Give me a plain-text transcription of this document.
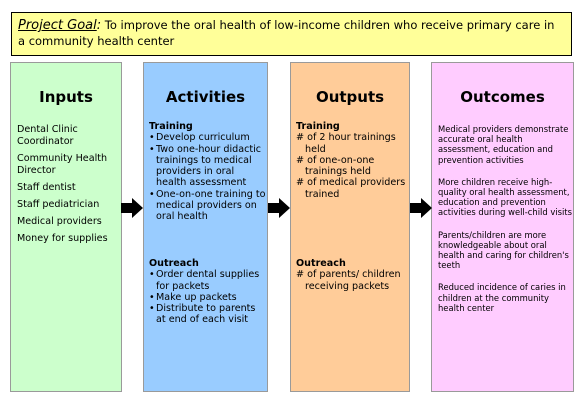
Project Goal: To improve the oral health of low-income children who receive primary care in a community health center
Inputs
Dental Clinic Coordinator
Community Health Director
Staff dentist
Staff pediatrician
Medical providers
Money for supplies
Activities
Training
• Develop curriculum
• Two one-hour didactic trainings to medical providers in oral health assessment
• One-on-one training to medical providers on oral health
Outreach
• Order dental supplies for packets
• Make up packets
• Distribute to parents at end of each visit
Outputs
Training
# of 2 hour trainings held
# of one-on-one trainings held
# of medical providers trained
Outreach
# of parents/ children receiving packets
Outcomes
Medical providers demonstrate accurate oral health assessment, education and prevention activities
More children receive high-quality oral health assessment, education and prevention activities during well-child visits
Parents/children are more knowledgeable about oral health and caring for children's teeth
Reduced incidence of caries in children at the community health center
